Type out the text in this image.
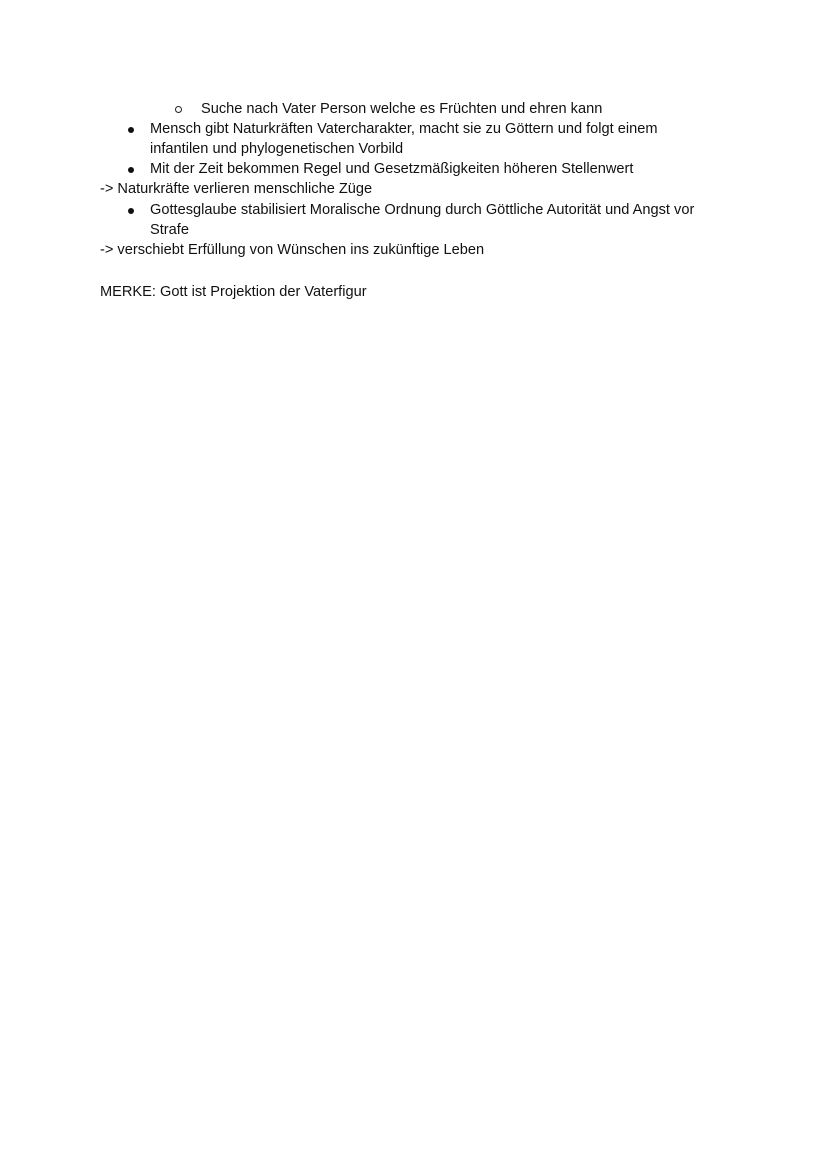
Suche nach Vater Person welche es Früchten und ehren kann
Mensch gibt Naturkräften Vatercharakter, macht sie zu Göttern und folgt einem
infantilen und phylogenetischen Vorbild
Mit der Zeit bekommen Regel und Gesetzmäßigkeiten höheren Stellenwert
-> Naturkräfte verlieren menschliche Züge
Gottesglaube stabilisiert Moralische Ordnung durch Göttliche Autorität und Angst vor
Strafe
-> verschiebt Erfüllung von Wünschen ins zukünftige Leben
MERKE: Gott ist Projektion der Vaterfigur
